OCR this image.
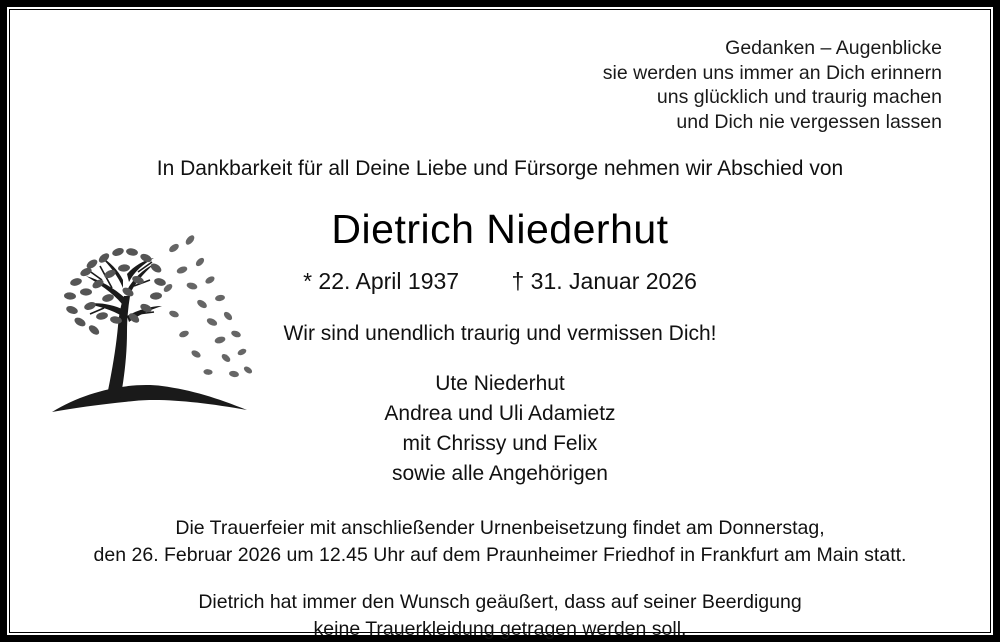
Gedanken – Augenblicke
sie werden uns immer an Dich erinnern
uns glücklich und traurig machen
und Dich nie vergessen lassen
In Dankbarkeit für all Deine Liebe und Fürsorge nehmen wir Abschied von
Dietrich Niederhut
* 22. April 1937 † 31. Januar 2026
Wir sind unendlich traurig und vermissen Dich!
Ute Niederhut
Andrea und Uli Adamietz
mit Chrissy und Felix
sowie alle Angehörigen
Die Trauerfeier mit anschließender Urnenbeisetzung findet am Donnerstag,
den 26. Februar 2026 um 12.45 Uhr auf dem Praunheimer Friedhof in Frankfurt am Main statt.
Dietrich hat immer den Wunsch geäußert, dass auf seiner Beerdigung
keine Trauerkleidung getragen werden soll.
